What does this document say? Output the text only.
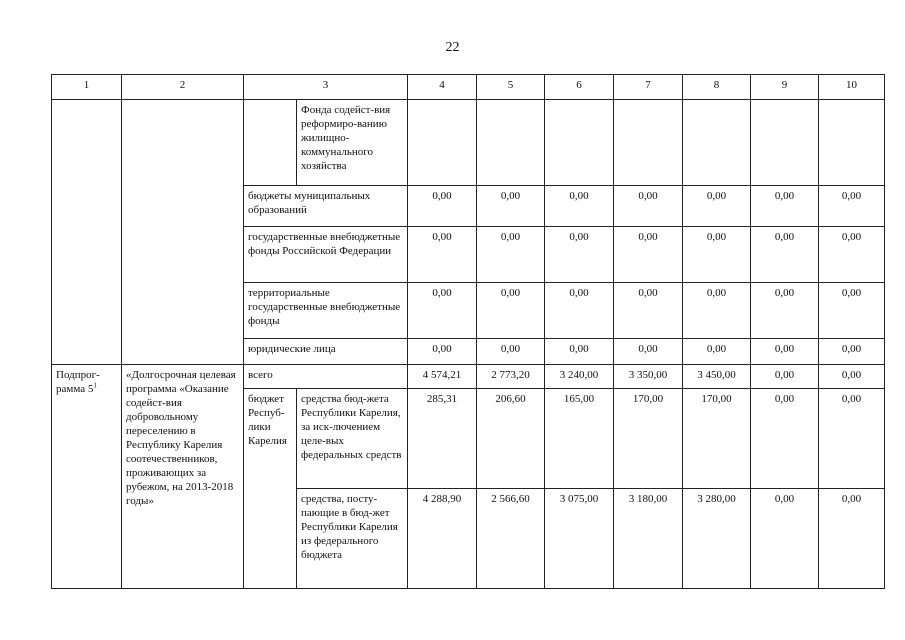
22
1	2	3		4	5	6	7	8	9	10
			Фонда содейст-вия реформиро-ванию жилищно-коммунального хозяйства							
		бюджеты муниципальных образований		0,00	0,00	0,00	0,00	0,00	0,00	0,00
		государственные внебюджетные фонды Российской Федерации		0,00	0,00	0,00	0,00	0,00	0,00	0,00
		территориальные государственные внебюджетные фонды		0,00	0,00	0,00	0,00	0,00	0,00	0,00
		юридические лица		0,00	0,00	0,00	0,00	0,00	0,00	0,00
Подпрог-рамма $5^1$	«Долгосрочная целевая программа «Оказание содейст-вия добровольному переселению в Республику Карелия соотечественников, проживающих за рубежом, на 2013-2018 годы»	всего		4 574,21	2 773,20	3 240,00	3 350,00	3 450,00	0,00	0,00
		бюджет Респуб-лики Карелия	средства бюд-жета Республики Карелия, за иск-лючением целе-вых федеральных средств	285,31	206,60	165,00	170,00	170,00	0,00	0,00
			средства, посту-пающие в бюд-жет Республики Карелия из федерального бюджета	4 288,90	2 566,60	3 075,00	3 180,00	3 280,00	0,00	0,00
